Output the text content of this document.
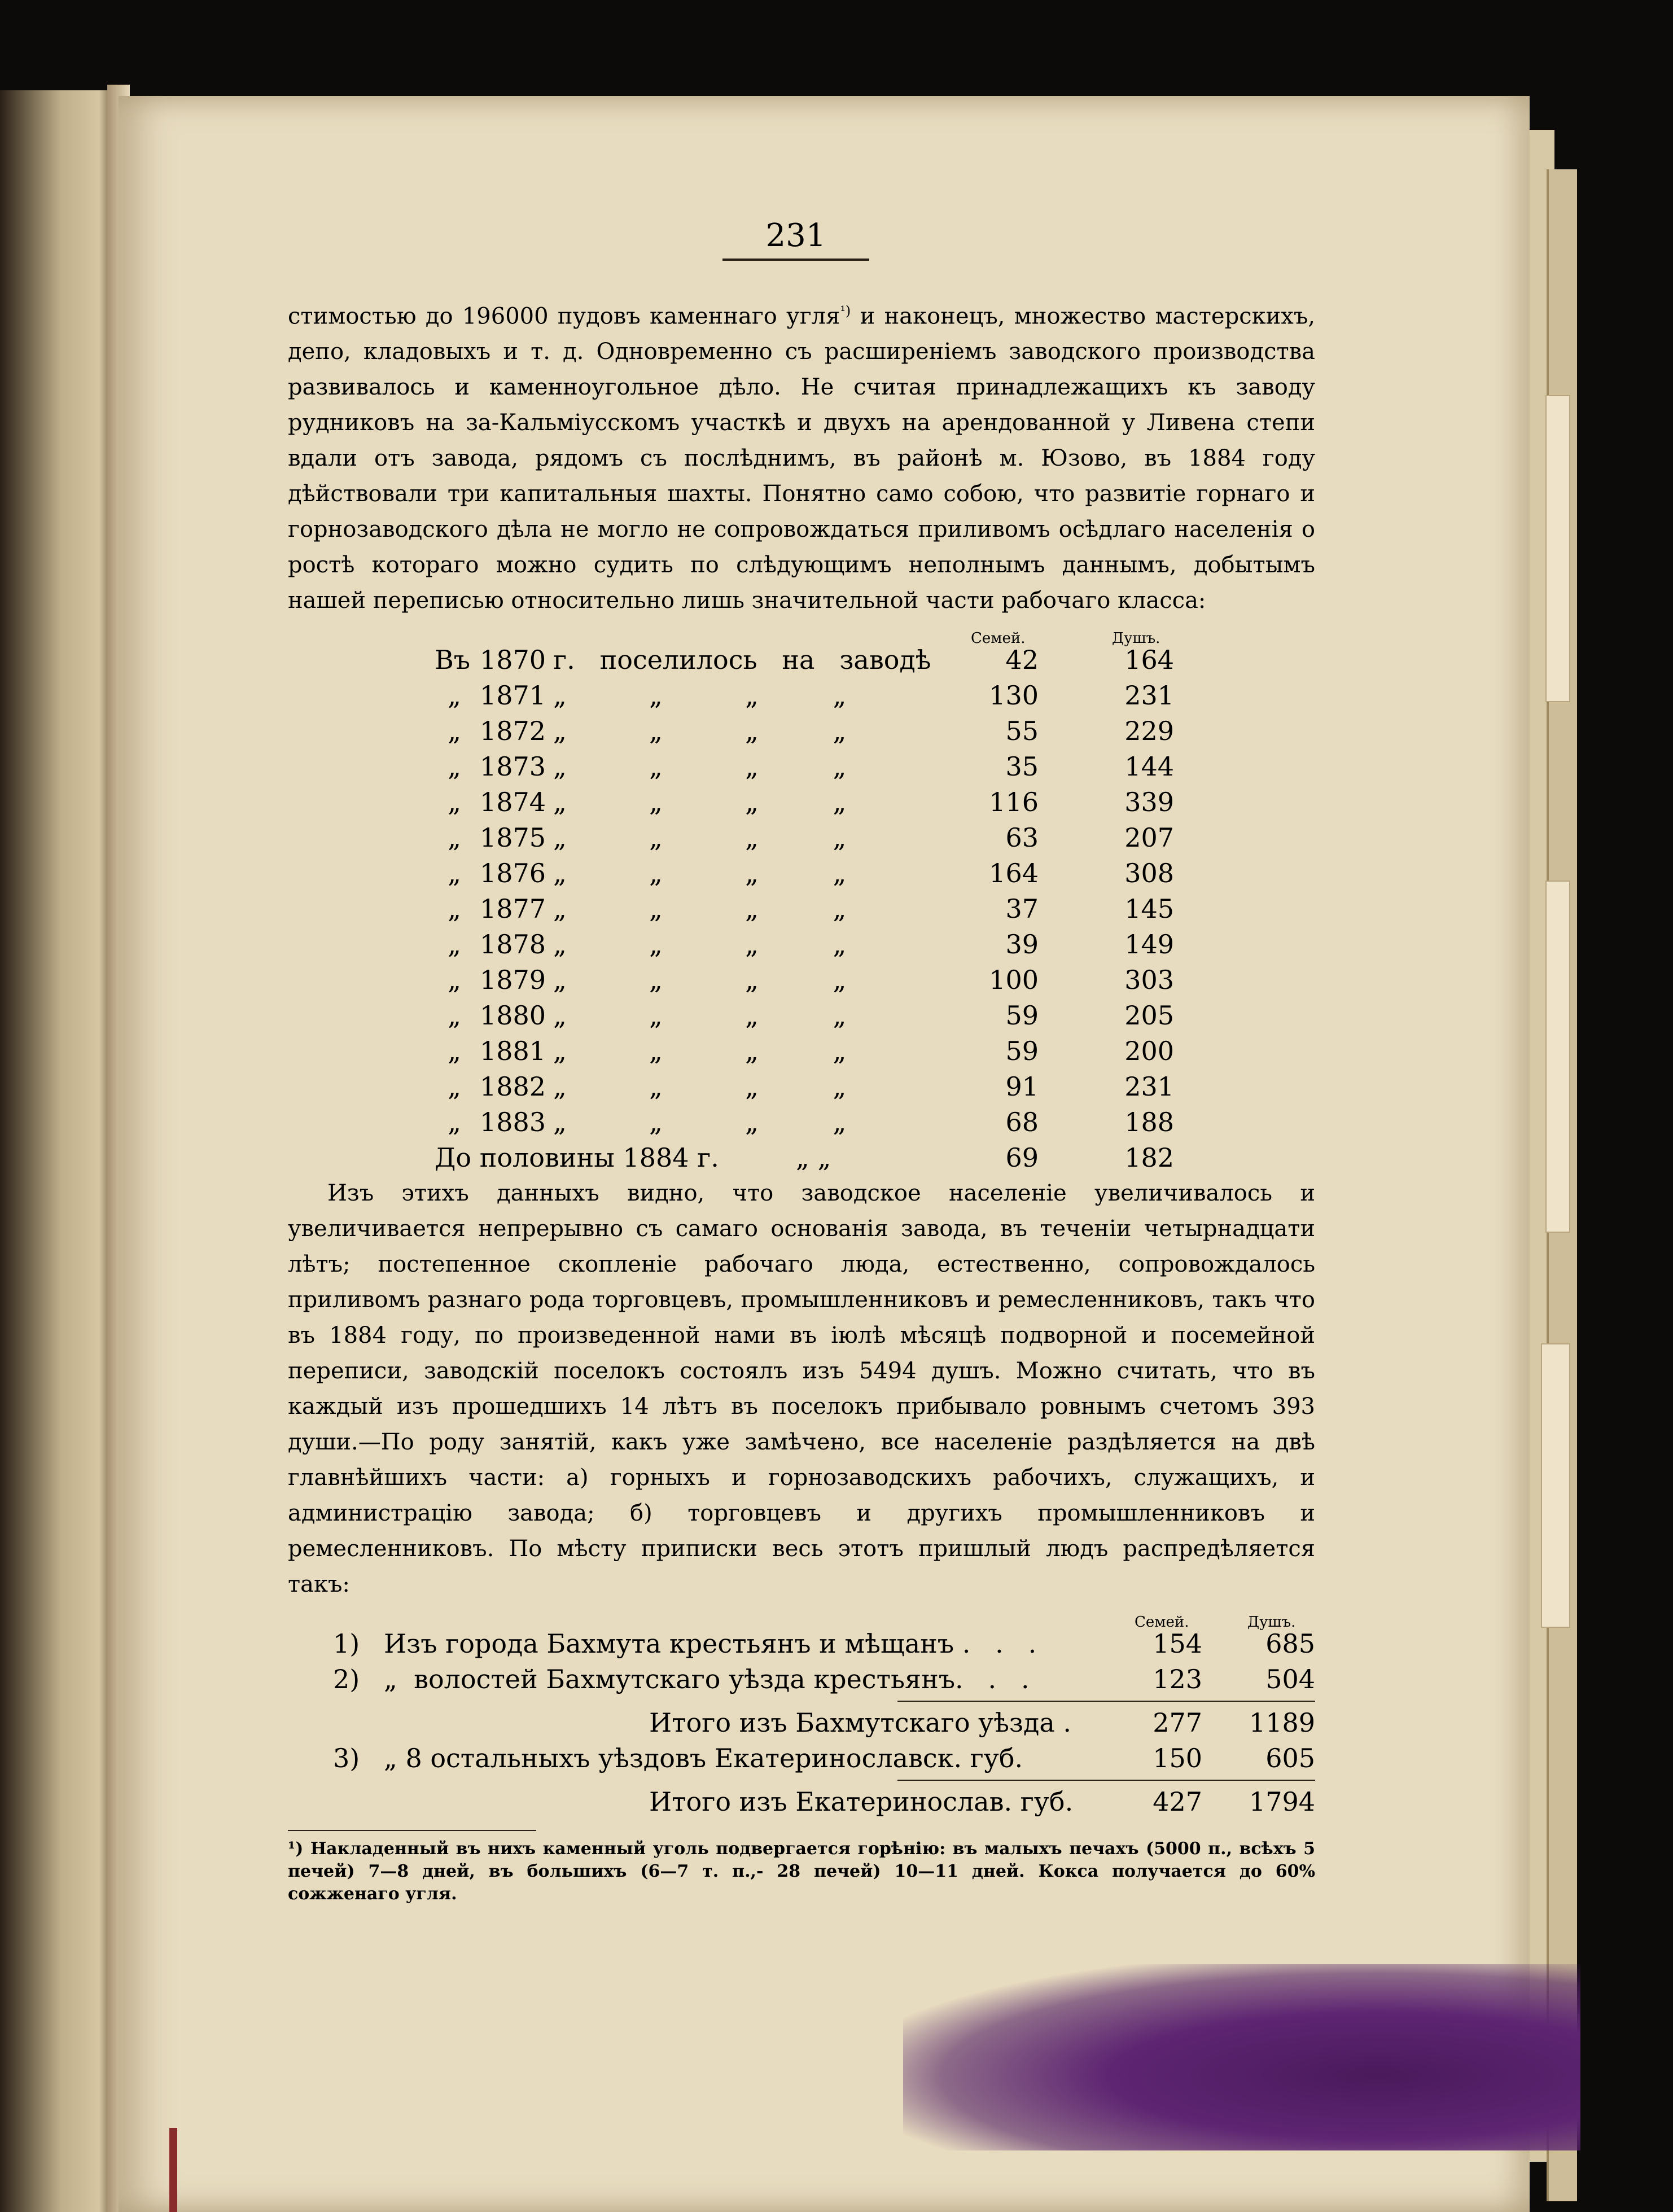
231

стимостью до 196000 пудовъ каменнаго угля$^{^1)}$ и наконецъ, множество мастерскихъ, депо, кладовыхъ и т. д. Одновременно съ расширеніемъ заводского производства развивалось и каменноугольное дѣло. Не считая принадлежащихъ къ заводу рудниковъ на за-Кальміусскомъ участкѣ и двухъ на арендованной у Ливена степи вдали отъ завода, рядомъ съ послѣднимъ, въ районѣ м. Юзово, въ 1884 году дѣйствовали три капитальныя шахты. Понятно само собою, что развитіе горнаго и горнозаводского дѣла не могло не сопровождаться приливомъ осѣдлаго населенія о ростѣ котораго можно судить по слѣдующимъ неполнымъ даннымъ, добытымъ нашей переписью относительно лишь значительной части рабочаго класса:

Семей.	Душъ.
Въ 1870 г.   поселилось   на   заводѣ	42	164
„ 1871 „          „          „         „	130	231
„ 1872 „          „          „         „	55	229
„ 1873 „          „          „         „	35	144
„ 1874 „          „          „         „	116	339
„ 1875 „          „          „         „	63	207
„ 1876 „          „          „         „	164	308
„ 1877 „          „          „         „	37	145
„ 1878 „          „          „         „	39	149
„ 1879 „          „          „         „	100	303
„ 1880 „          „          „         „	59	205
„ 1881 „          „          „         „	59	200
„ 1882 „          „          „         „	91	231
„ 1883 „          „          „         „	68	188
До половины 1884 г.	„ „	69	182

Изъ этихъ данныхъ видно, что заводское населеніе увеличивалось и увеличивается непрерывно съ самаго основанія завода, въ теченіи четырнадцати лѣтъ; постепенное скопленіе рабочаго люда, естественно, сопровождалось приливомъ разнаго рода торговцевъ, промышленниковъ и ремесленниковъ, такъ что въ 1884 году, по произведенной нами въ іюлѣ мѣсяцѣ подворной и посемейной переписи, заводскій поселокъ состоялъ изъ 5494 душъ. Можно считать, что въ каждый изъ прошедшихъ 14 лѣтъ въ поселокъ прибывало ровнымъ счетомъ 393 души.—По роду занятій, какъ уже замѣчено, все населеніе раздѣляется на двѣ главнѣйшихъ части: а) горныхъ и горнозаводскихъ рабочихъ, служащихъ, и администрацію завода; б) торговцевъ и другихъ промышленниковъ и ремесленниковъ. По мѣсту приписки весь этотъ пришлый людъ распредѣляется такъ:

Семей.	Душъ.
1) Изъ города Бахмута крестьянъ и мѣщанъ .   .   .	154	685
2) „  волостей Бахмутскаго уѣзда крестьянъ.   .   .	123	504
Итого изъ Бахмутскаго уѣзда .	277	1189
3) „ 8 остальныхъ уѣздовъ Екатеринославск. губ.	150	605
Итого изъ Екатеринослав. губ.	427	1794

¹) Накладенный въ нихъ каменный уголь подвергается горѣнію: въ малыхъ печахъ (5000 п., всѣхъ 5 печей) 7—8 дней, въ большихъ (6—7 т. п.,- 28 печей) 10—11 дней. Кокса получается до 60% сожженаго угля.
